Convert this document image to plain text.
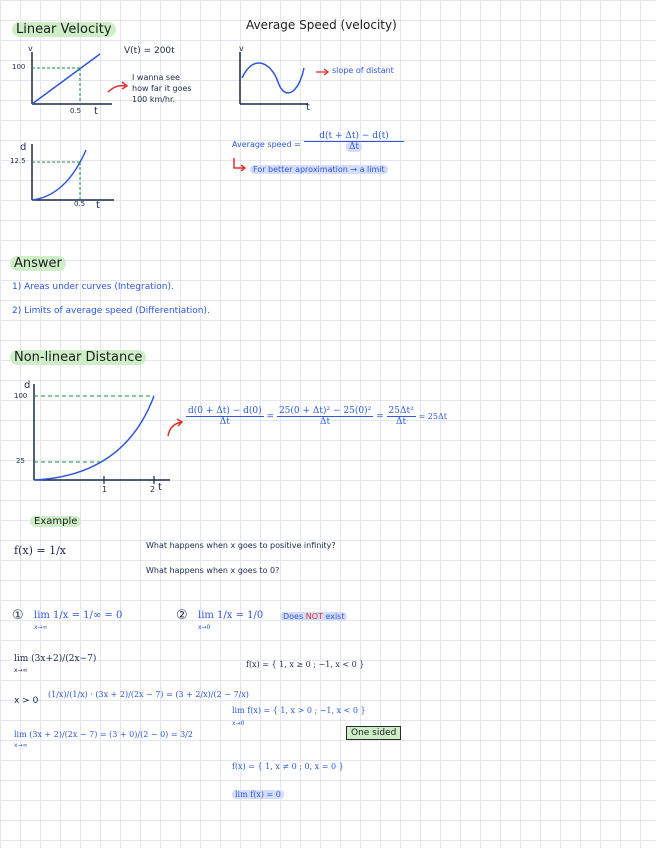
Linear Velocity	Average Speed (velocity)
v
t
100
0.5
V(t) = 200t
I wanna see
how far it goes
100 km/hr.
v
t
slope of distant
Average speed = $\frac{d(t + \Delta t) - d(t)}{\Delta t}$
For better aproximation → a limit
d
12.5
0.5 t
Answer
1) Areas under curves (Integration).
2) Limits of average speed (Differentiation).
Non-linear Distance
d
100
25
1	2 t
$\frac{d(0 + \Delta t) - d(0)}{\Delta t} = \frac{\text{25(0 + Δt)² − 25(0)²}}{\Delta t} = \frac{\text{25Δt²}}{\Delta t} = 25\Delta t$
Example
f(x) = 1/x	What happens when x goes to positive infinity?
What happens when x goes to 0?
① lim 1/x = 1/∞ = 0
x→∞
② lim 1/x = 1/0
x→0
Does NOT exist
lim (3x+2)/(2x−7)
x→∞
x > 0
(1/x)/(1/x) · (3x + 2)/(2x − 7) = (3 + 2/x)/(2 − 7/x)
lim (3x + 2)/(2x − 7) = (3 + 0)/(2 − 0) = 3/2
x→∞
f(x) = { 1, x ≥ 0 ; −1, x < 0 }
lim f(x) = { 1, x > 0 ; −1, x < 0 }
x→0
One sided
f(x) = { 1, x ≠ 0 ; 0, x = 0 }
lim f(x) = 0
